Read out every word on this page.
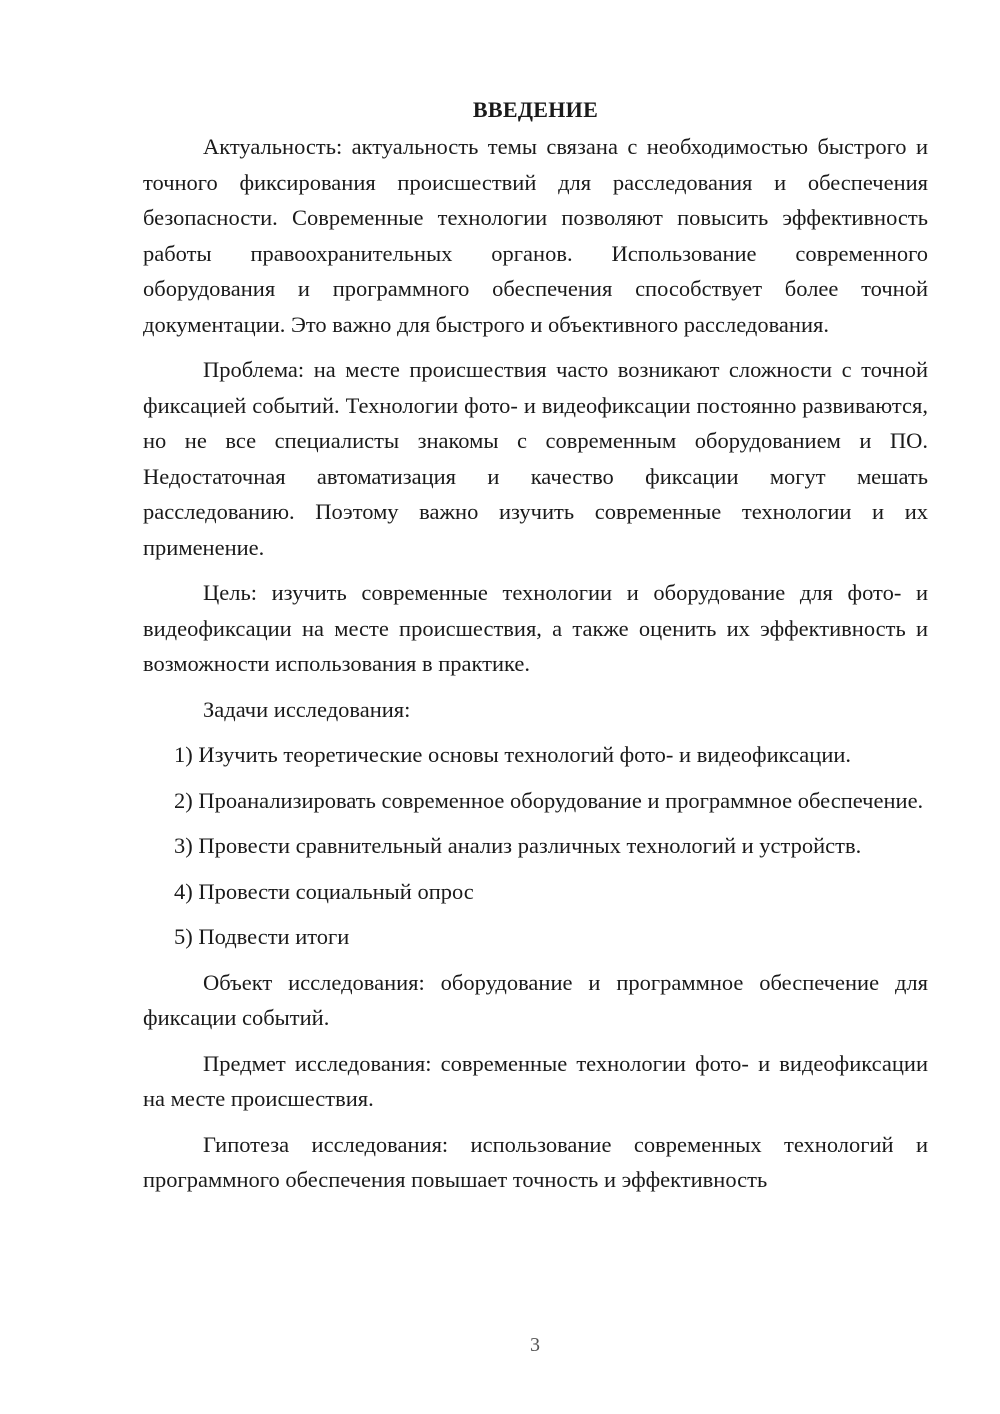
ВВЕДЕНИЕ

Актуальность: актуальность темы связана с необходимостью быстрого и точного фиксирования происшествий для расследования и обеспечения безопасности. Современные технологии позволяют повысить эффективность работы правоохранительных органов. Использование современного оборудования и программного обеспечения способствует более точной документации. Это важно для быстрого и объективного расследования.

Проблема: на месте происшествия часто возникают сложности с точной фиксацией событий. Технологии фото- и видеофиксации постоянно развиваются, но не все специалисты знакомы с современным оборудованием и ПО. Недостаточная автоматизация и качество фиксации могут мешать расследованию. Поэтому важно изучить современные технологии и их применение.

Цель: изучить современные технологии и оборудование для фото- и видеофиксации на месте происшествия, а также оценить их эффективность и возможности использования в практике.

Задачи исследования:

1) Изучить теоретические основы технологий фото- и видеофиксации.

2) Проанализировать современное оборудование и программное обеспечение.

3) Провести сравнительный анализ различных технологий и устройств.

4) Провести социальный опрос

5) Подвести итоги

Объект исследования: оборудование и программное обеспечение для фиксации событий.

Предмет исследования: современные технологии фото- и видеофиксации на месте происшествия.

Гипотеза исследования: использование современных технологий и программного обеспечения повышает точность и эффективность

3
